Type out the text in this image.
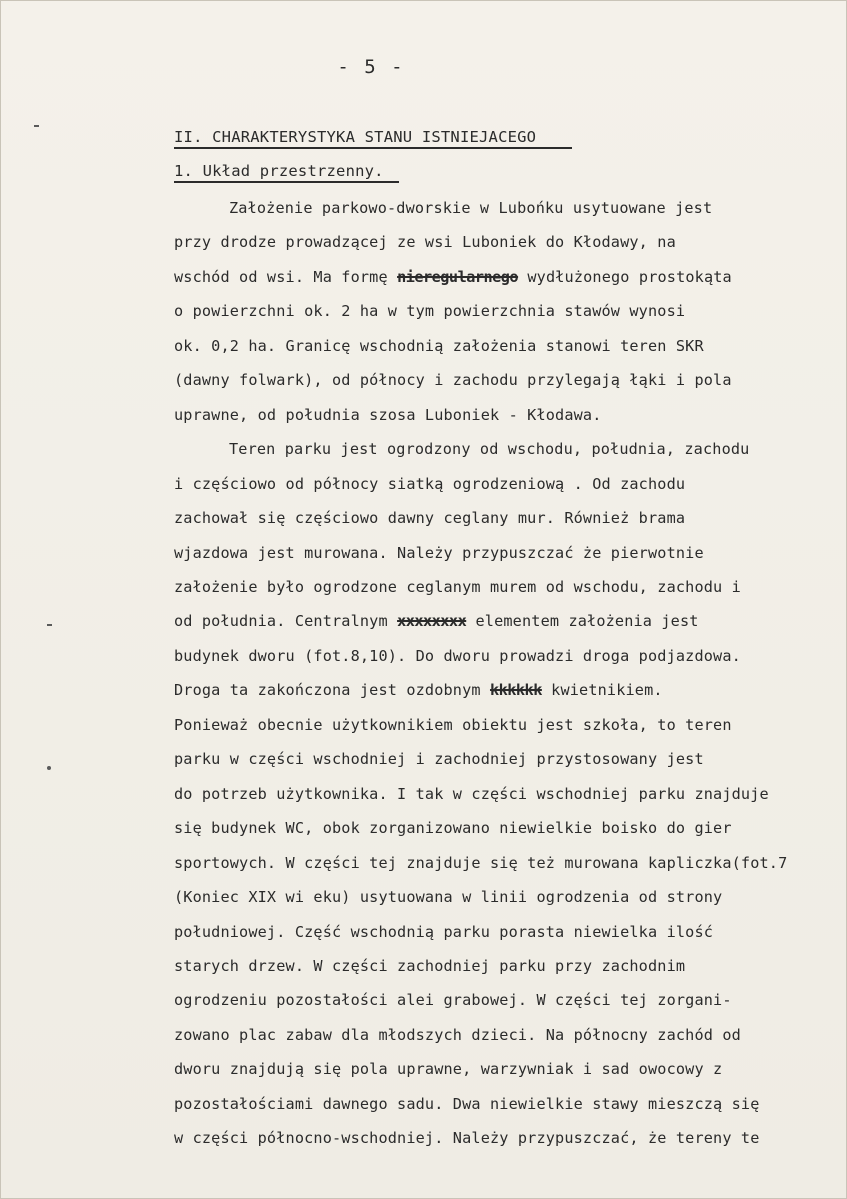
- 5 -
II. CHARAKTERYSTYKA STANU ISTNIEJACEGO
1. Układ przestrzenny.
Założenie parkowo-dworskie w Lubońku usytuowane jest
przy drodze prowadzącej ze wsi Luboniek do Kłodawy, na
wschód od wsi. Ma formę nieregularnego wydłużonego prostokąta
o powierzchni ok. 2 ha w tym powierzchnia stawów wynosi
ok. 0,2 ha. Granicę wschodnią założenia stanowi teren SKR
(dawny folwark), od północy i zachodu przylegają łąki i pola
uprawne, od południa szosa Luboniek - Kłodawa.
Teren parku jest ogrodzony od wschodu, południa, zachodu
i częściowo od północy siatką ogrodzeniową . Od zachodu
zachował się częściowo dawny ceglany mur. Również brama
wjazdowa jest murowana. Należy przypuszczać że pierwotnie
założenie było ogrodzone ceglanym murem od wschodu, zachodu i
od południa. Centralnym xxxxxxxx elementem założenia jest
budynek dworu (fot.8,10). Do dworu prowadzi droga podjazdowa.
Droga ta zakończona jest ozdobnym kkkkkk kwietnikiem.
Ponieważ obecnie użytkownikiem obiektu jest szkoła, to teren
parku w części wschodniej i zachodniej przystosowany jest
do potrzeb użytkownika. I tak w części wschodniej parku znajduje
się budynek WC, obok zorganizowano niewielkie boisko do gier
sportowych. W części tej znajduje się też murowana kapliczka(fot.7
(Koniec XIX wi eku) usytuowana w linii ogrodzenia od strony
południowej. Część wschodnią parku porasta niewielka ilość
starych drzew. W części zachodniej parku przy zachodnim
ogrodzeniu pozostałości alei grabowej. W części tej zorgani-
zowano plac zabaw dla młodszych dzieci. Na północny zachód od
dworu znajdują się pola uprawne, warzywniak i sad owocowy z
pozostałościami dawnego sadu. Dwa niewielkie stawy mieszczą się
w części północno-wschodniej. Należy przypuszczać, że tereny te
